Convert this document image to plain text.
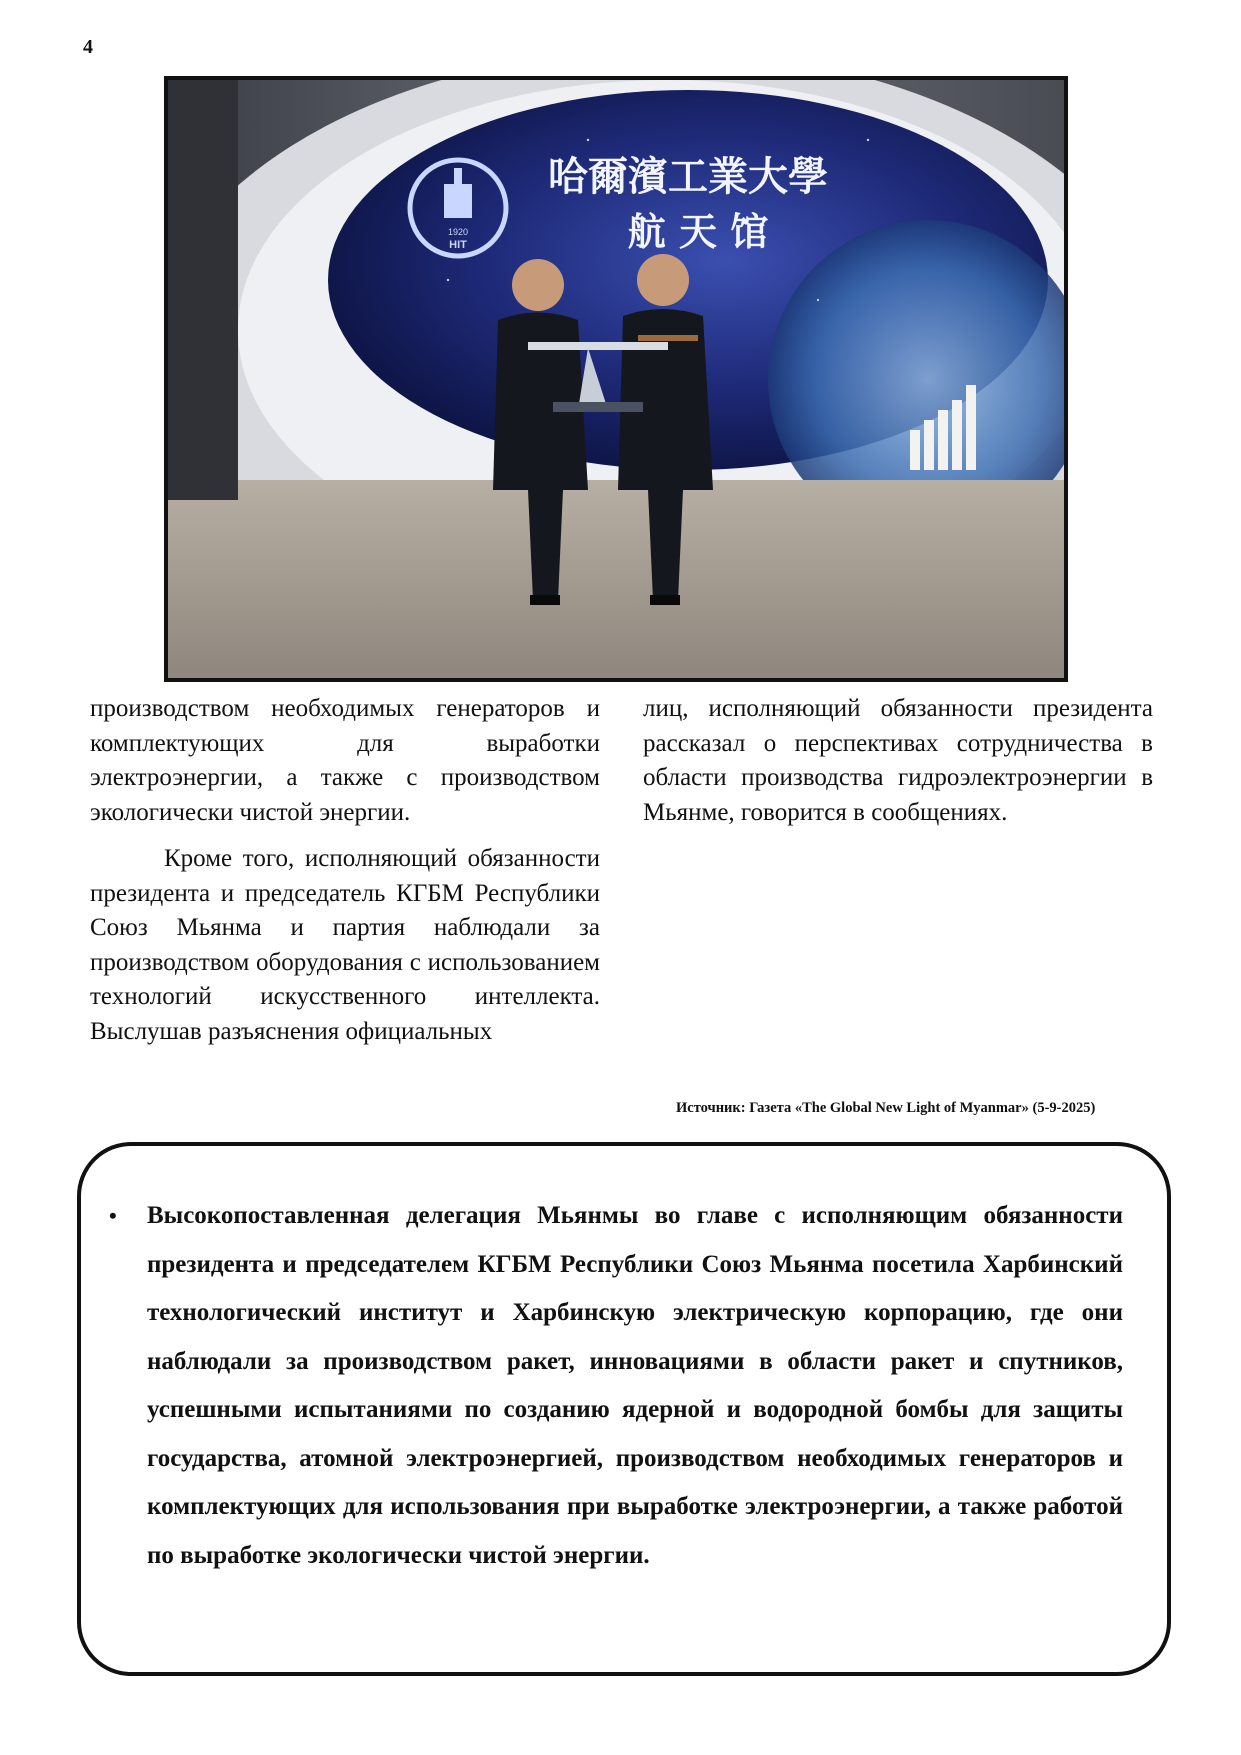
4
1920
HIT
哈爾濱工業大學
航 天 馆

производством необходимых генераторов и комплектующих для выработки электроэнергии, а также с производством экологически чистой энергии.

Кроме того, исполняющий обязанности президента и председатель КГБМ Республики Союз Мьянма и партия наблюдали за производством оборудования с использованием технологий искусственного интеллекта. Выслушав разъяснения официальных

лиц, исполняющий обязанности президента рассказал о перспективах сотрудничества в области производства гидроэлектроэнергии в Мьянме, говорится в сообщениях.

Источник: Газета «The Global New Light of Myanmar» (5-9-2025)
• Высокопоставленная делегация Мьянмы во главе с исполняющим обязанности президента и председателем КГБМ Республики Союз Мьянма посетила Харбинский технологический институт и Харбинскую электрическую корпорацию, где они наблюдали за производством ракет, инновациями в области ракет и спутников, успешными испытаниями по созданию ядерной и водородной бомбы для защиты государства, атомной электроэнергией, производством необходимых генераторов и комплектующих для использования при выработке электроэнергии, а также работой по выработке экологически чистой энергии.
